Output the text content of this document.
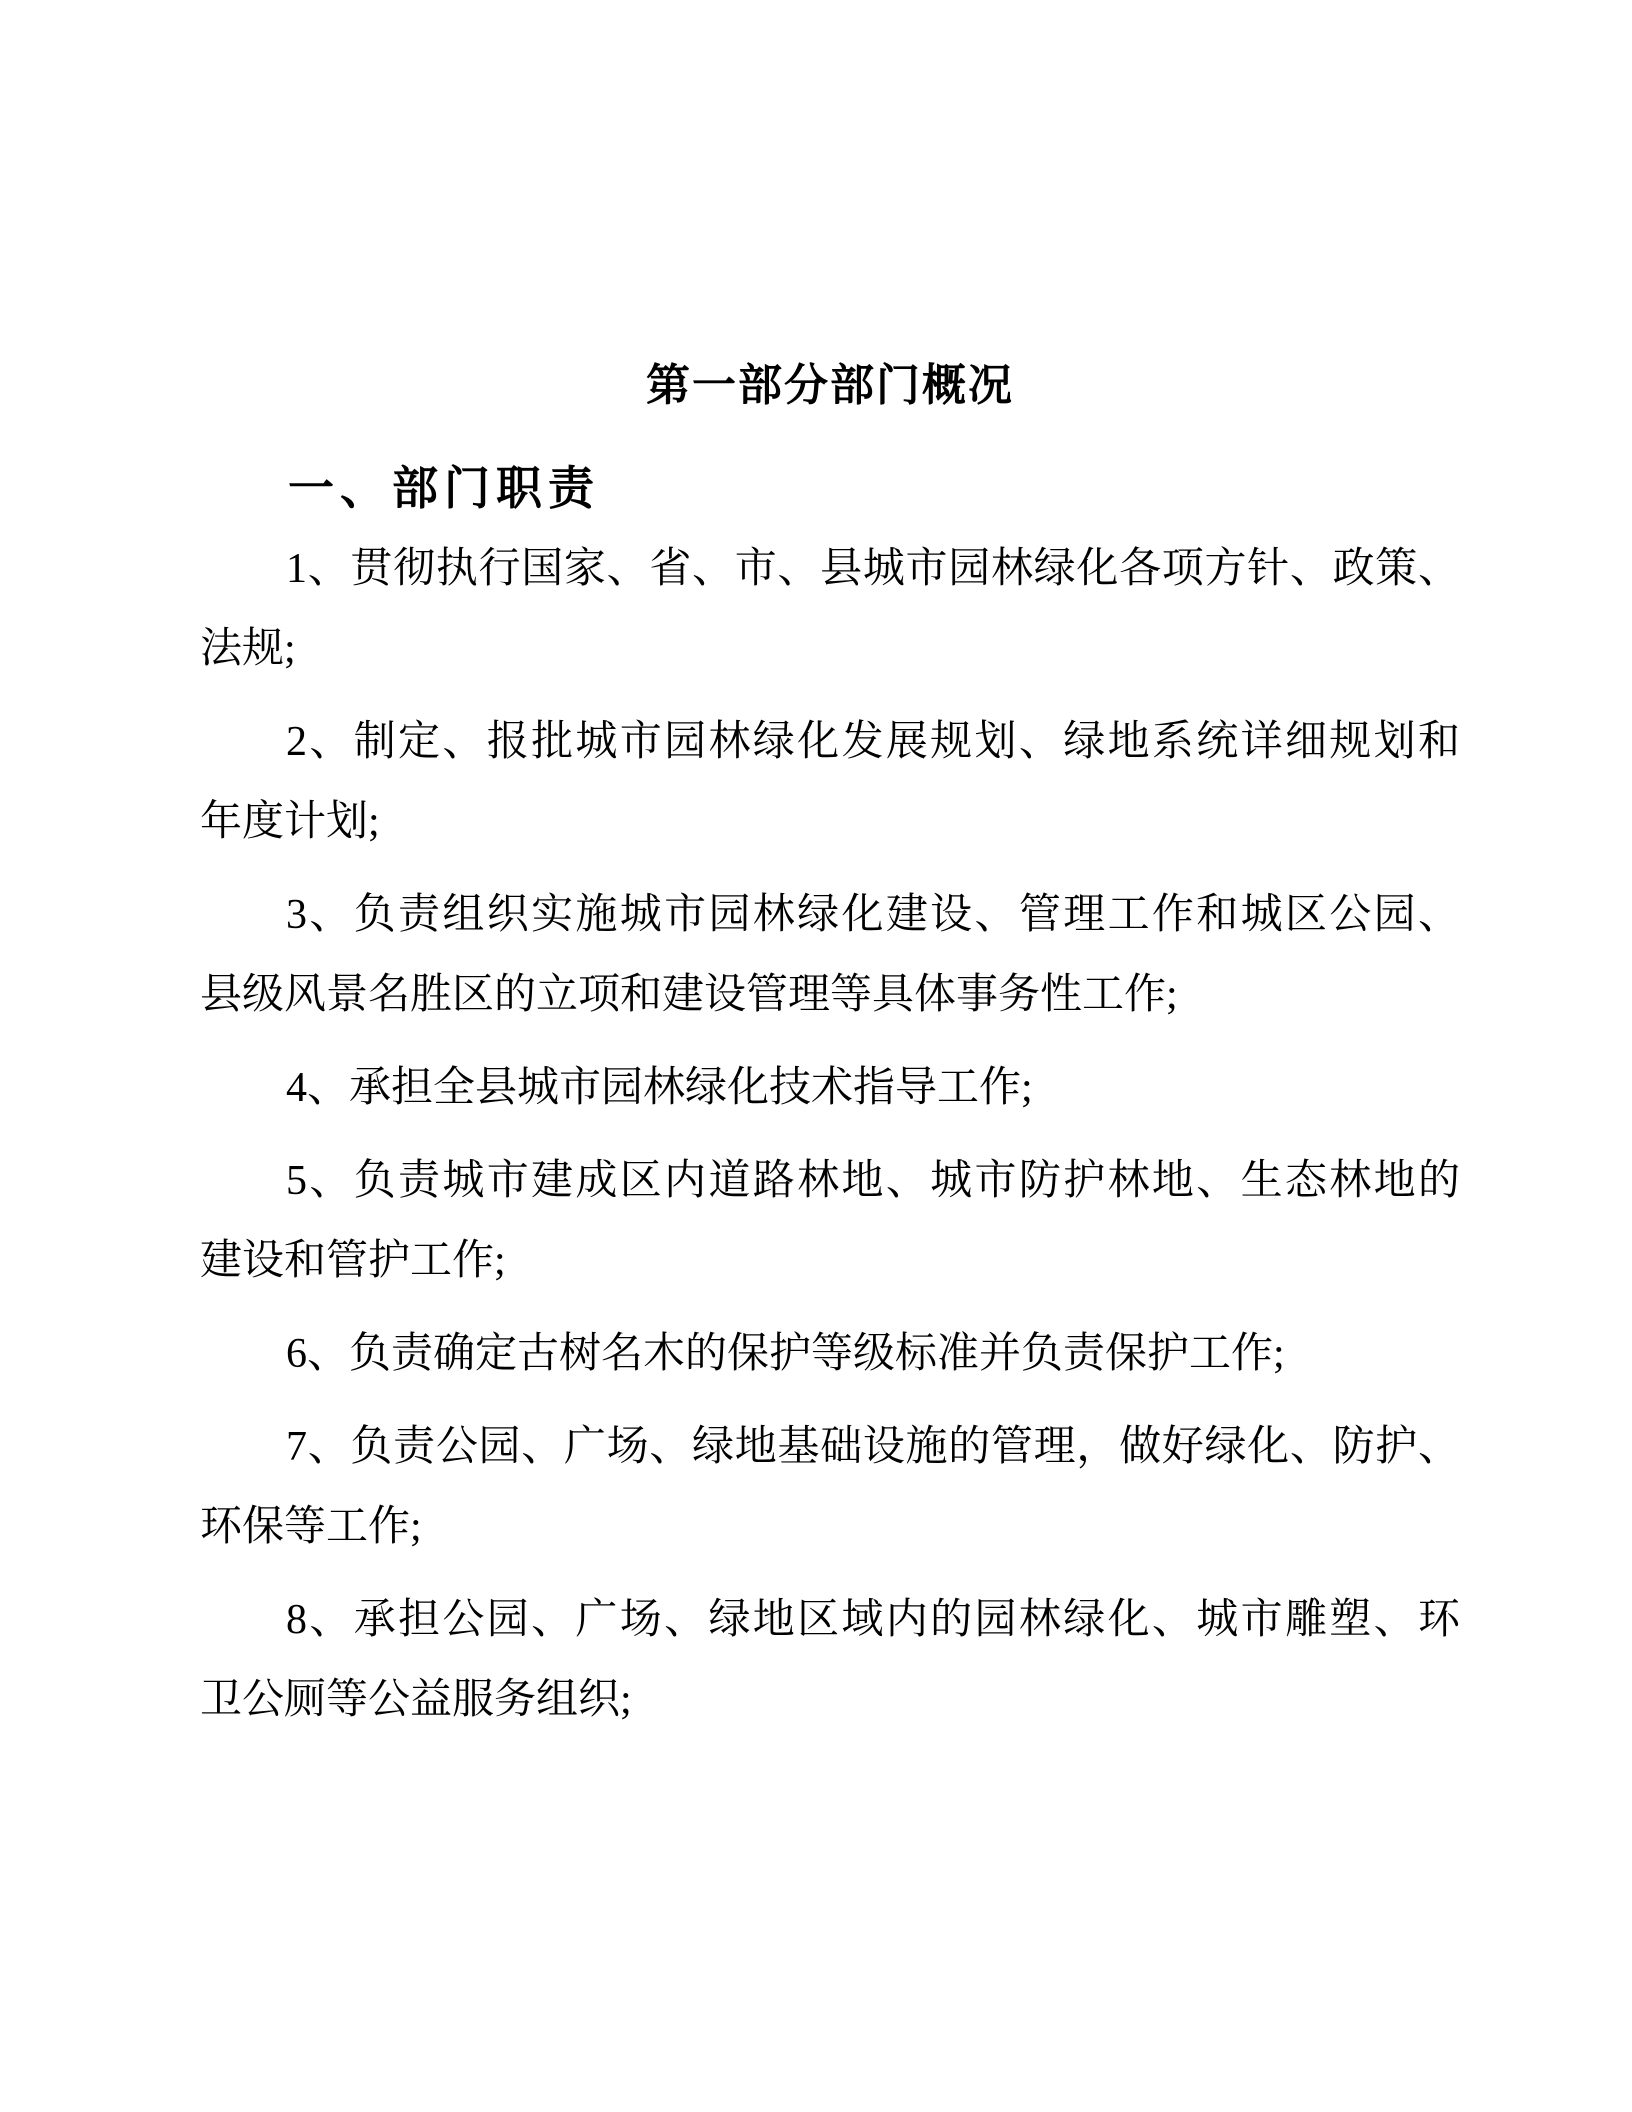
第一部分部门概况
一、部门职责

1、贯彻执行国家、省、市、县城市园林绿化各项方针、政策、
法规;

2、制定、报批城市园林绿化发展规划、绿地系统详细规划和
年度计划;

3、负责组织实施城市园林绿化建设、管理工作和城区公园、
县级风景名胜区的立项和建设管理等具体事务性工作;

4、承担全县城市园林绿化技术指导工作;

5、负责城市建成区内道路林地、城市防护林地、生态林地的
建设和管护工作;

6、负责确定古树名木的保护等级标准并负责保护工作;

7、负责公园、广场、绿地基础设施的管理，做好绿化、防护、
环保等工作;

8、承担公园、广场、绿地区域内的园林绿化、城市雕塑、环
卫公厕等公益服务组织;
